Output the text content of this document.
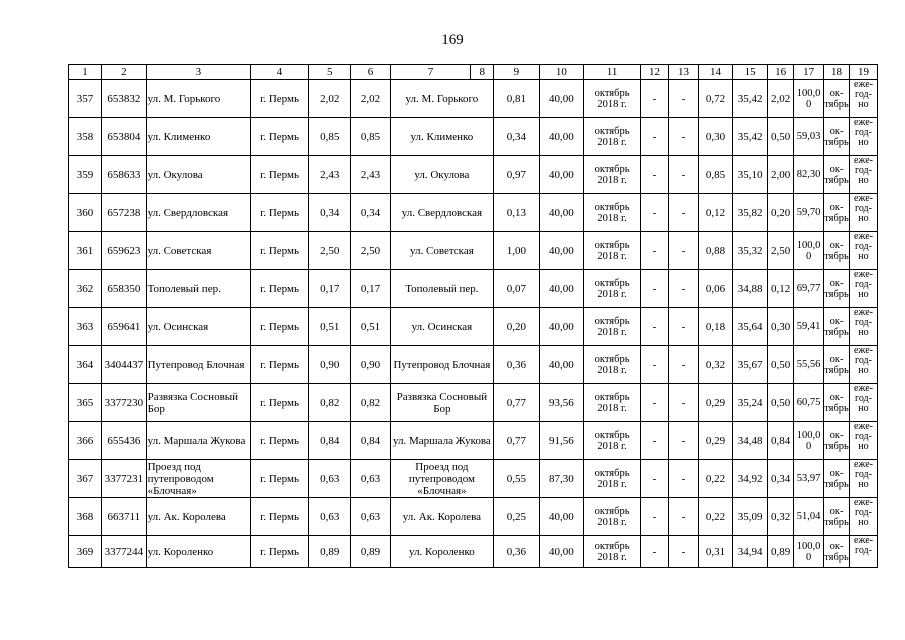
169
1	2	3	4	5	6	7	8	9	10	11	12	13	14	15	16	17	18	19
357	653832	ул. М. Горького	г. Пермь	2,02	2,02	ул. М. Горького		0,81	40,00	октябрь 2018 г.	-	-	0,72	35,42	2,02	100,0 0	ок- тябрь	еже- год- но
358	653804	ул. Клименко	г. Пермь	0,85	0,85	ул. Клименко		0,34	40,00	октябрь 2018 г.	-	-	0,30	35,42	0,50	59,03	ок- тябрь	еже- год- но
359	658633	ул. Окулова	г. Пермь	2,43	2,43	ул. Окулова		0,97	40,00	октябрь 2018 г.	-	-	0,85	35,10	2,00	82,30	ок- тябрь	еже- год- но
360	657238	ул. Свердловская	г. Пермь	0,34	0,34	ул. Свердловская		0,13	40,00	октябрь 2018 г.	-	-	0,12	35,82	0,20	59,70	ок- тябрь	еже- год- но
361	659623	ул. Советская	г. Пермь	2,50	2,50	ул. Советская		1,00	40,00	октябрь 2018 г.	-	-	0,88	35,32	2,50	100,0 0	ок- тябрь	еже- год- но
362	658350	Тополевый пер.	г. Пермь	0,17	0,17	Тополевый пер.		0,07	40,00	октябрь 2018 г.	-	-	0,06	34,88	0,12	69,77	ок- тябрь	еже- год- но
363	659641	ул. Осинская	г. Пермь	0,51	0,51	ул. Осинская		0,20	40,00	октябрь 2018 г.	-	-	0,18	35,64	0,30	59,41	ок- тябрь	еже- год- но
364	3404437	Путепровод Блочная	г. Пермь	0,90	0,90	Путепровод Блочная		0,36	40,00	октябрь 2018 г.	-	-	0,32	35,67	0,50	55,56	ок- тябрь	еже- год- но
365	3377230	Развязка Сосновый Бор	г. Пермь	0,82	0,82	Развязка Сосновый Бор		0,77	93,56	октябрь 2018 г.	-	-	0,29	35,24	0,50	60,75	ок- тябрь	еже- год- но
366	655436	ул. Маршала Жукова	г. Пермь	0,84	0,84	ул. Маршала Жукова		0,77	91,56	октябрь 2018 г.	-	-	0,29	34,48	0,84	100,0 0	ок- тябрь	еже- год- но
367	3377231	Проезд под путепроводом «Блочная»	г. Пермь	0,63	0,63	Проезд под путепроводом «Блочная»		0,55	87,30	октябрь 2018 г.	-	-	0,22	34,92	0,34	53,97	ок- тябрь	еже- год- но
368	663711	ул. Ак. Королева	г. Пермь	0,63	0,63	ул. Ак. Королева		0,25	40,00	октябрь 2018 г.	-	-	0,22	35,09	0,32	51,04	ок- тябрь	еже- год- но
369	3377244	ул. Короленко	г. Пермь	0,89	0,89	ул. Короленко		0,36	40,00	октябрь 2018 г.	-	-	0,31	34,94	0,89	100,0 0	ок- тябрь	еже- год-
